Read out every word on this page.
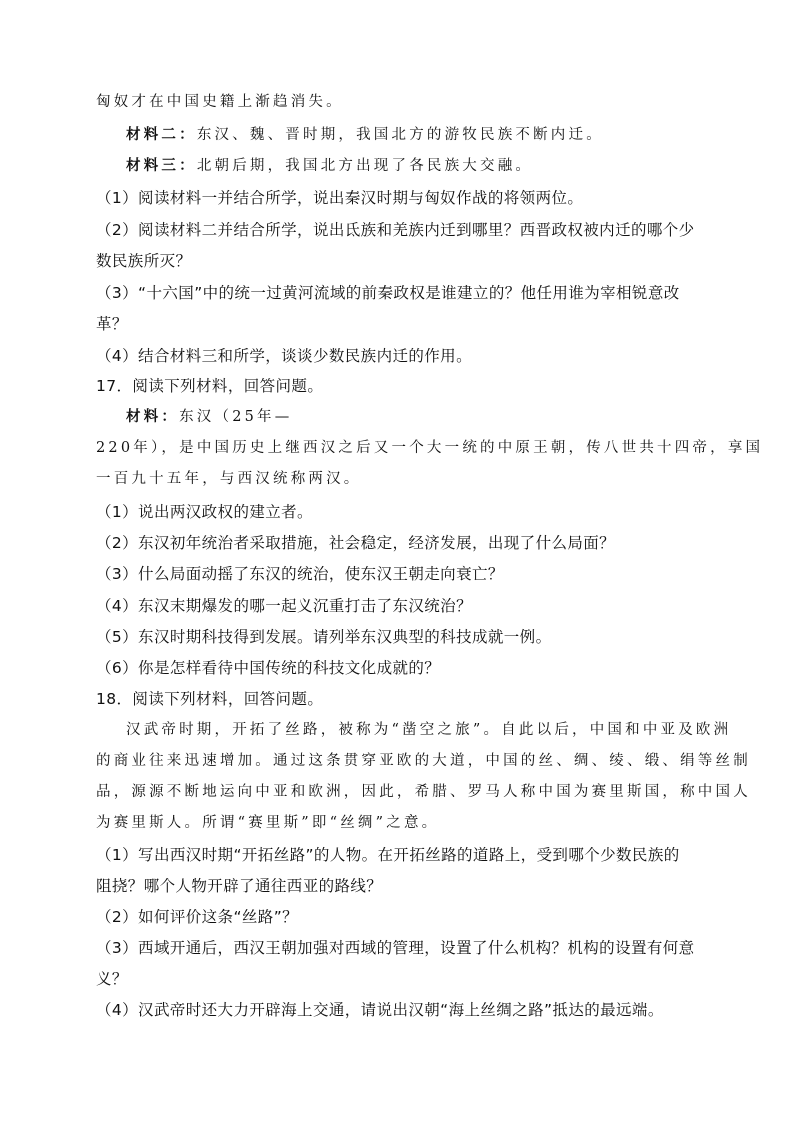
匈奴才在中国史籍上渐趋消失。
材料二：东汉、魏、晋时期，我国北方的游牧民族不断内迁。
材料三：北朝后期，我国北方出现了各民族大交融。
（1）阅读材料一并结合所学，说出秦汉时期与匈奴作战的将领两位。
（2）阅读材料二并结合所学，说出氐族和羌族内迁到哪里？西晋政权被内迁的哪个少
数民族所灭？
（3）“十六国”中的统一过黄河流域的前秦政权是谁建立的？他任用谁为宰相锐意改
革？
（4）结合材料三和所学，谈谈少数民族内迁的作用。
17．阅读下列材料，回答问题。
材料：东汉（25年—
220年），是中国历史上继西汉之后又一个大一统的中原王朝，传八世共十四帝，享国
一百九十五年，与西汉统称两汉。
（1）说出两汉政权的建立者。
（2）东汉初年统治者采取措施，社会稳定，经济发展，出现了什么局面？
（3）什么局面动摇了东汉的统治，使东汉王朝走向衰亡？
（4）东汉末期爆发的哪一起义沉重打击了东汉统治？
（5）东汉时期科技得到发展。请列举东汉典型的科技成就一例。
（6）你是怎样看待中国传统的科技文化成就的？
18．阅读下列材料，回答问题。
汉武帝时期，开拓了丝路，被称为“凿空之旅”。自此以后，中国和中亚及欧洲
的商业往来迅速增加。通过这条贯穿亚欧的大道，中国的丝、绸、绫、缎、绢等丝制
品，源源不断地运向中亚和欧洲，因此，希腊、罗马人称中国为赛里斯国，称中国人
为赛里斯人。所谓“赛里斯”即“丝绸”之意。
（1）写出西汉时期“开拓丝路”的人物。在开拓丝路的道路上，受到哪个少数民族的
阻挠？哪个人物开辟了通往西亚的路线？
（2）如何评价这条“丝路”？
（3）西域开通后，西汉王朝加强对西域的管理，设置了什么机构？机构的设置有何意
义？
（4）汉武帝时还大力开辟海上交通，请说出汉朝“海上丝绸之路”抵达的最远端。
